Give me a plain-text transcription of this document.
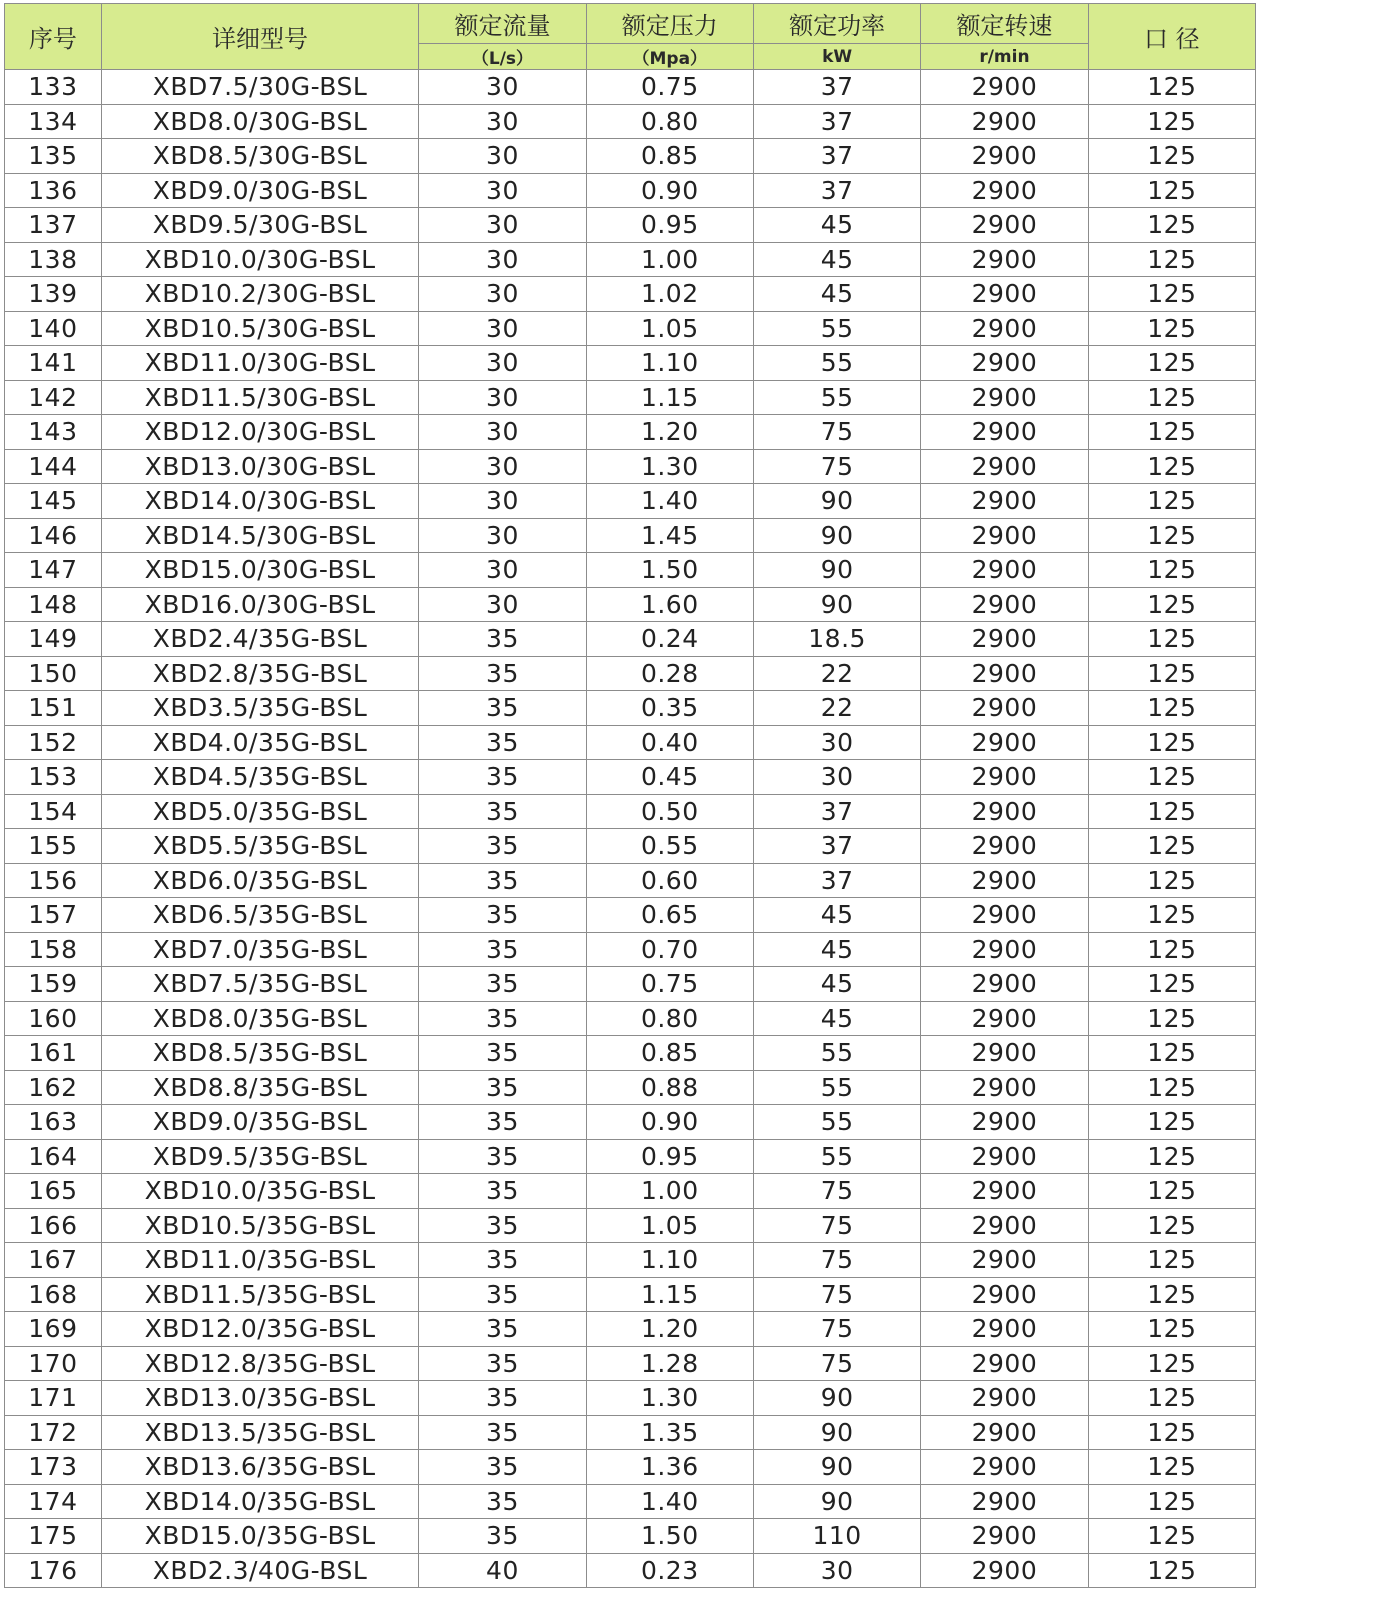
序号	详细型号	额定流量	额定压力	额定功率	额定转速	口 径
		（L/s）	（Mpa）	kW	r/min	
133	XBD7.5/30G-BSL	30	0.75	37	2900	125
134	XBD8.0/30G-BSL	30	0.80	37	2900	125
135	XBD8.5/30G-BSL	30	0.85	37	2900	125
136	XBD9.0/30G-BSL	30	0.90	37	2900	125
137	XBD9.5/30G-BSL	30	0.95	45	2900	125
138	XBD10.0/30G-BSL	30	1.00	45	2900	125
139	XBD10.2/30G-BSL	30	1.02	45	2900	125
140	XBD10.5/30G-BSL	30	1.05	55	2900	125
141	XBD11.0/30G-BSL	30	1.10	55	2900	125
142	XBD11.5/30G-BSL	30	1.15	55	2900	125
143	XBD12.0/30G-BSL	30	1.20	75	2900	125
144	XBD13.0/30G-BSL	30	1.30	75	2900	125
145	XBD14.0/30G-BSL	30	1.40	90	2900	125
146	XBD14.5/30G-BSL	30	1.45	90	2900	125
147	XBD15.0/30G-BSL	30	1.50	90	2900	125
148	XBD16.0/30G-BSL	30	1.60	90	2900	125
149	XBD2.4/35G-BSL	35	0.24	18.5	2900	125
150	XBD2.8/35G-BSL	35	0.28	22	2900	125
151	XBD3.5/35G-BSL	35	0.35	22	2900	125
152	XBD4.0/35G-BSL	35	0.40	30	2900	125
153	XBD4.5/35G-BSL	35	0.45	30	2900	125
154	XBD5.0/35G-BSL	35	0.50	37	2900	125
155	XBD5.5/35G-BSL	35	0.55	37	2900	125
156	XBD6.0/35G-BSL	35	0.60	37	2900	125
157	XBD6.5/35G-BSL	35	0.65	45	2900	125
158	XBD7.0/35G-BSL	35	0.70	45	2900	125
159	XBD7.5/35G-BSL	35	0.75	45	2900	125
160	XBD8.0/35G-BSL	35	0.80	45	2900	125
161	XBD8.5/35G-BSL	35	0.85	55	2900	125
162	XBD8.8/35G-BSL	35	0.88	55	2900	125
163	XBD9.0/35G-BSL	35	0.90	55	2900	125
164	XBD9.5/35G-BSL	35	0.95	55	2900	125
165	XBD10.0/35G-BSL	35	1.00	75	2900	125
166	XBD10.5/35G-BSL	35	1.05	75	2900	125
167	XBD11.0/35G-BSL	35	1.10	75	2900	125
168	XBD11.5/35G-BSL	35	1.15	75	2900	125
169	XBD12.0/35G-BSL	35	1.20	75	2900	125
170	XBD12.8/35G-BSL	35	1.28	75	2900	125
171	XBD13.0/35G-BSL	35	1.30	90	2900	125
172	XBD13.5/35G-BSL	35	1.35	90	2900	125
173	XBD13.6/35G-BSL	35	1.36	90	2900	125
174	XBD14.0/35G-BSL	35	1.40	90	2900	125
175	XBD15.0/35G-BSL	35	1.50	110	2900	125
176	XBD2.3/40G-BSL	40	0.23	30	2900	125
